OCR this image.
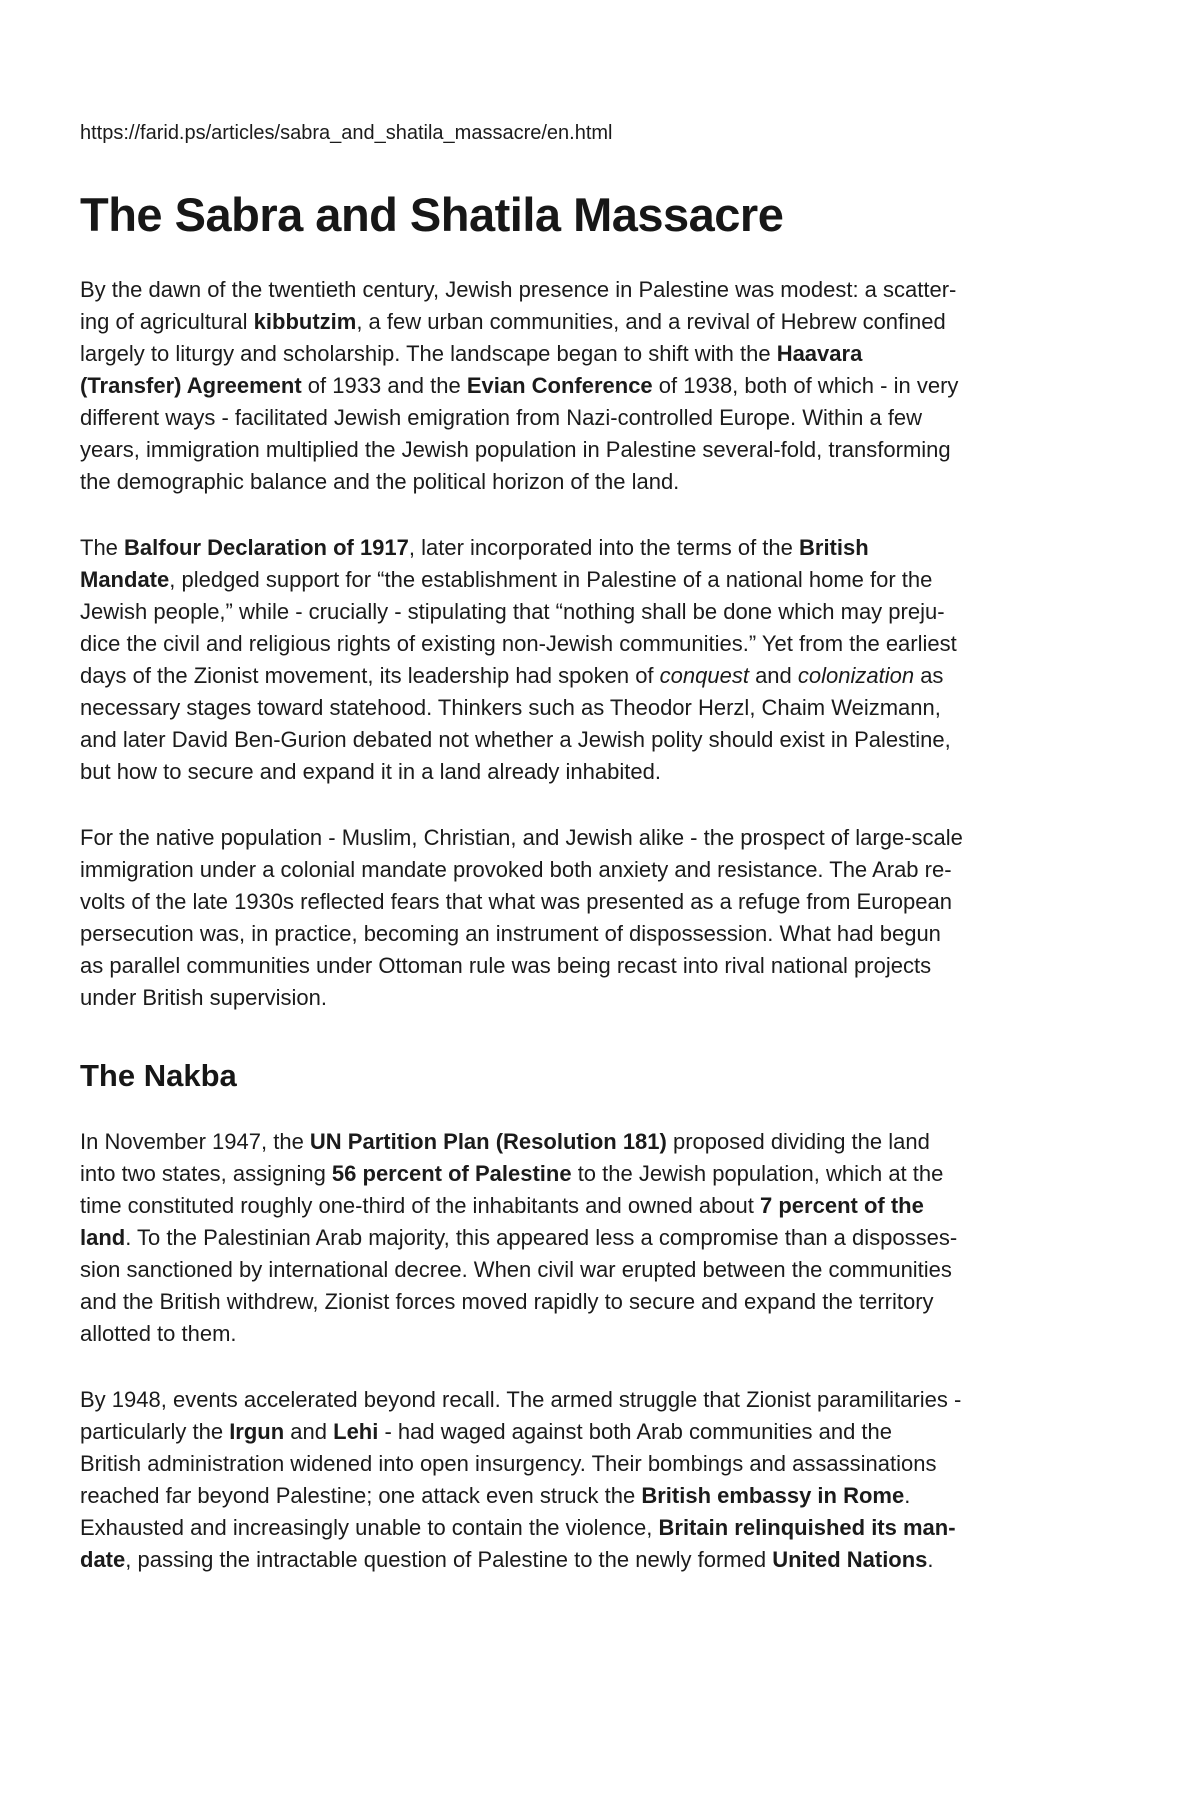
https://farid.ps/articles/sabra_and_shatila_massacre/en.html
The Sabra and Shatila Massacre

By the dawn of the twentieth century, Jewish presence in Palestine was modest: a scatter-
ing of agricultural kibbutzim, a few urban communities, and a revival of Hebrew confined
largely to liturgy and scholarship. The landscape began to shift with the Haavara
(Transfer) Agreement of 1933 and the Evian Conference of 1938, both of which - in very
different ways - facilitated Jewish emigration from Nazi-controlled Europe. Within a few
years, immigration multiplied the Jewish population in Palestine several-fold, transforming
the demographic balance and the political horizon of the land.

The Balfour Declaration of 1917, later incorporated into the terms of the British
Mandate, pledged support for “the establishment in Palestine of a national home for the
Jewish people,” while - crucially - stipulating that “nothing shall be done which may preju-
dice the civil and religious rights of existing non-Jewish communities.” Yet from the earliest
days of the Zionist movement, its leadership had spoken of conquest and colonization as
necessary stages toward statehood. Thinkers such as Theodor Herzl, Chaim Weizmann,
and later David Ben-Gurion debated not whether a Jewish polity should exist in Palestine,
but how to secure and expand it in a land already inhabited.

For the native population - Muslim, Christian, and Jewish alike - the prospect of large-scale
immigration under a colonial mandate provoked both anxiety and resistance. The Arab re-
volts of the late 1930s reflected fears that what was presented as a refuge from European
persecution was, in practice, becoming an instrument of dispossession. What had begun
as parallel communities under Ottoman rule was being recast into rival national projects
under British supervision.

The Nakba

In November 1947, the UN Partition Plan (Resolution 181) proposed dividing the land
into two states, assigning 56 percent of Palestine to the Jewish population, which at the
time constituted roughly one-third of the inhabitants and owned about 7 percent of the
land. To the Palestinian Arab majority, this appeared less a compromise than a disposses-
sion sanctioned by international decree. When civil war erupted between the communities
and the British withdrew, Zionist forces moved rapidly to secure and expand the territory
allotted to them.

By 1948, events accelerated beyond recall. The armed struggle that Zionist paramilitaries -
particularly the Irgun and Lehi - had waged against both Arab communities and the
British administration widened into open insurgency. Their bombings and assassinations
reached far beyond Palestine; one attack even struck the British embassy in Rome.
Exhausted and increasingly unable to contain the violence, Britain relinquished its man-
date, passing the intractable question of Palestine to the newly formed United Nations.
